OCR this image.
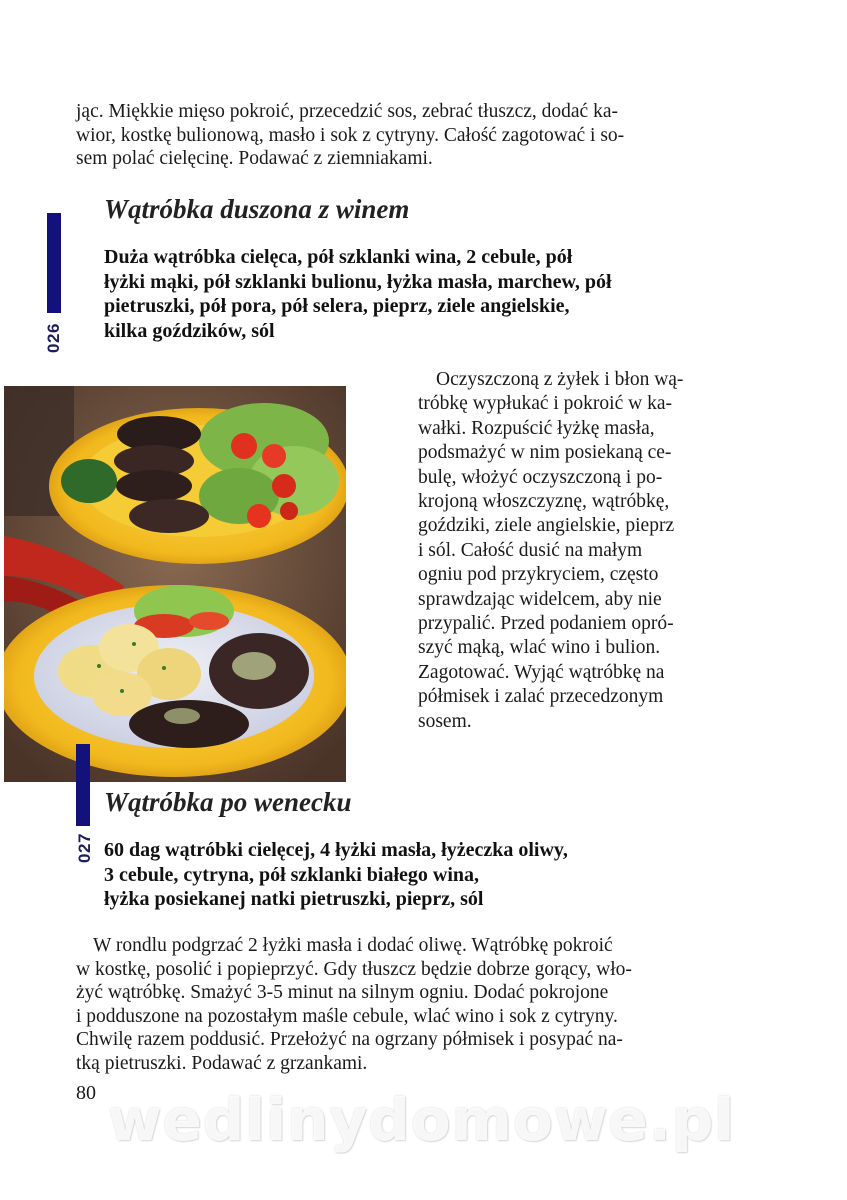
jąc. Miękkie mięso pokroić, przecedzić sos, zebrać tłuszcz, dodać ka-
wior, kostkę bulionową, masło i sok z cytryny. Całość zagotować i so-
sem polać cielęcinę. Podawać z ziemniakami.
026
Wątróbka duszona z winem
Duża wątróbka cielęca, pół szklanki wina, 2 cebule, pół
łyżki mąki, pół szklanki bulionu, łyżka masła, marchew, pół
pietruszki, pół pora, pół selera, pieprz, ziele angielskie,
kilka goździków, sól
Oczyszczoną z żyłek i błon wą-
tróbkę wypłukać i pokroić w ka-
wałki. Rozpuścić łyżkę masła,
podsmażyć w nim posiekaną ce-
bulę, włożyć oczyszczoną i po-
krojoną włoszczyznę, wątróbkę,
goździki, ziele angielskie, pieprz
i sól. Całość dusić na małym
ogniu pod przykryciem, często
sprawdzając widelcem, aby nie
przypalić. Przed podaniem opró-
szyć mąką, wlać wino i bulion.
Zagotować. Wyjąć wątróbkę na
półmisek i zalać przecedzonym
sosem.
027
Wątróbka po wenecku
60 dag wątróbki cielęcej, 4 łyżki masła, łyżeczka oliwy,
3 cebule, cytryna, pół szklanki białego wina,
łyżka posiekanej natki pietruszki, pieprz, sól
W rondlu podgrzać 2 łyżki masła i dodać oliwę. Wątróbkę pokroić
w kostkę, posolić i popieprzyć. Gdy tłuszcz będzie dobrze gorący, wło-
żyć wątróbkę. Smażyć 3-5 minut na silnym ogniu. Dodać pokrojone
i podduszone na pozostałym maśle cebule, wlać wino i sok z cytryny.
Chwilę razem poddusić. Przełożyć na ogrzany półmisek i posypać na-
tką pietruszki. Podawać z grzankami.
80 wedlinydomowe.pl
